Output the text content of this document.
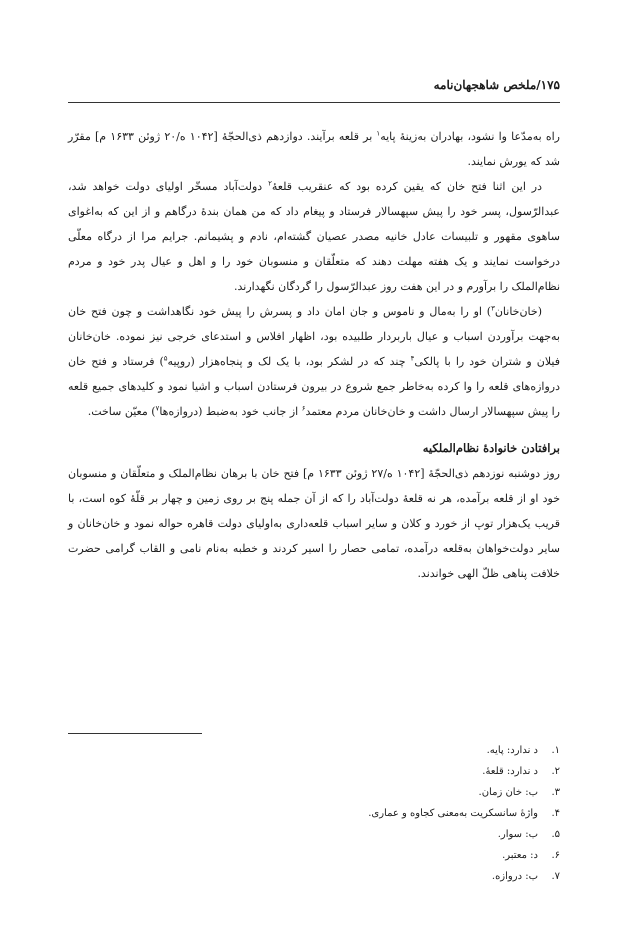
۱۷۵/ملخص شاهجهان‌نامه

راه به‌مدّعا وا نشود، بهادران به‌زینهٔ پایه$^۱$ بر قلعه برآیند. دوازدهم ذی‌الحجّهٔ [۱۰۴۲ ه/۲۰ ژوئن ۱۶۳۳ م] مقرّر شد که یورش نمایند.

در این اثنا فتح خان که یقین کرده بود که عنقریب قلعهٔ$^۲$ دولت‌آباد مسخّر اولیای دولت خواهد شد، عبدالرّسول، پسر خود را پیش سپهسالار فرستاد و پیغام داد که من همان بندهٔ درگاهم و از این که به‌اغوای ساهوی مقهور و تلبیسات عادل خانیه مصدر عصیان گشته‌ام، نادم و پشیمانم. جرایم مرا از درگاه معلّی درخواست نمایند و یک هفته مهلت دهند که متعلّقان و منسوبان خود را و اهل و عیال پدر خود و مردم نظام‌الملک را برآورم و در این هفت روز عبدالرّسول را گردگان نگهدارند.

(خان‌خانان$^۳$) او را به‌مال و ناموس و جان امان داد و پسرش را پیش خود نگاهداشت و چون فتح خان به‌جهت برآوردن اسباب و عیال باربردار طلبیده بود، اظهار افلاس و استدعای خرجی نیز نموده. خان‌خانان فیلان و شتران خود را با پالکی$^۴$ چند که در لشکر بود، با یک لک و پنجاه‌هزار (روپیه$^۵$) فرستاد و فتح خان دروازه‌های قلعه را وا کرده به‌خاطر جمع شروع در بیرون فرستادن اسباب و اشیا نمود و کلیدهای جمیع قلعه را پیش سپهسالار ارسال داشت و خان‌خانان مردم معتمد$^۶$ از جانب خود به‌ضبط (دروازه‌ها$^۷$) معیّن ساخت.

برافتادن خانوادهٔ نظام‌الملکیه

روز دوشنبه نوزدهم ذی‌الحجّهٔ [۱۰۴۲ ه/۲۷ ژوئن ۱۶۳۳ م] فتح خان با برهان نظام‌الملک و متعلّقان و منسوبان خود او از قلعه برآمده، هر نه قلعهٔ دولت‌آباد را که از آن جمله پنج بر روی زمین و چهار بر قلّهٔ کوه است، با قریب یک‌هزار توپ از خورد و کلان و سایر اسباب قلعه‌داری به‌اولیای دولت قاهره حواله نمود و خان‌خانان و سایر دولت‌خواهان به‌قلعه درآمده، تمامی حصار را اسیر کردند و خطبه به‌نام نامی و القاب گرامی حضرت خلافت پناهی ظلّ الهی خواندند.

۱.د ندارد: پایه.
۲.د ندارد: قلعهٔ.
۳.ب: خان زمان.
۴.واژهٔ سانسکریت به‌معنی کجاوه و عماری.
۵.ب: سوار.
۶.د: معتبر.
۷.ب: دروازه.
